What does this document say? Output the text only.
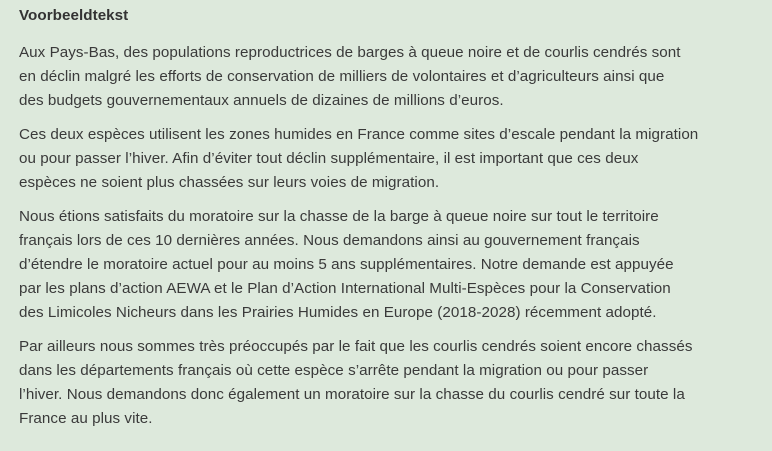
Voorbeeldtekst
Aux Pays-Bas, des populations reproductrices de barges à queue noire et de courlis cendrés sont
en déclin malgré les efforts de conservation de milliers de volontaires et d’agriculteurs ainsi que
des budgets gouvernementaux annuels de dizaines de millions d’euros.
Ces deux espèces utilisent les zones humides en France comme sites d’escale pendant la migration
ou pour passer l’hiver. Afin d’éviter tout déclin supplémentaire, il est important que ces deux
espèces ne soient plus chassées sur leurs voies de migration.
Nous étions satisfaits du moratoire sur la chasse de la barge à queue noire sur tout le territoire
français lors de ces 10 dernières années. Nous demandons ainsi au gouvernement français
d’étendre le moratoire actuel pour au moins 5 ans supplémentaires. Notre demande est appuyée
par les plans d’action AEWA et le Plan d’Action International Multi-Espèces pour la Conservation
des Limicoles Nicheurs dans les Prairies Humides en Europe (2018-2028) récemment adopté.
Par ailleurs nous sommes très préoccupés par le fait que les courlis cendrés soient encore chassés
dans les départements français où cette espèce s’arrête pendant la migration ou pour passer
l’hiver. Nous demandons donc également un moratoire sur la chasse du courlis cendré sur toute la
France au plus vite.
